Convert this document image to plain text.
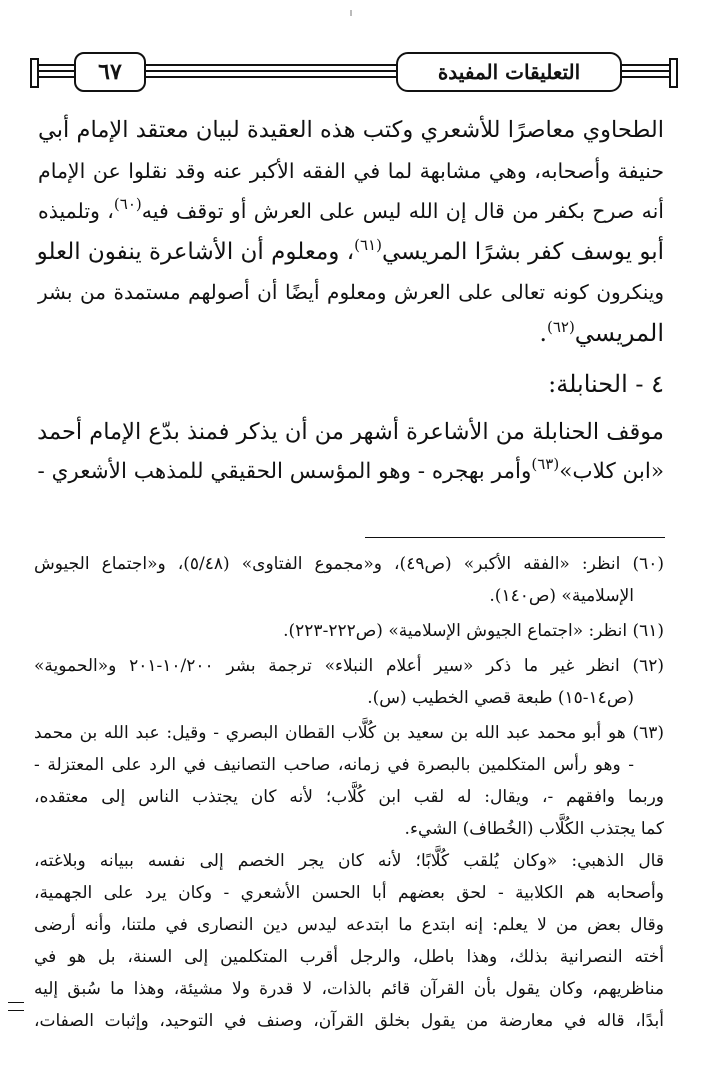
٦٧	التعليقات المفيدة
الطحاوي معاصرًا للأشعري وكتب هذه العقيدة لبيان معتقد الإمام أبي
حنيفة وأصحابه، وهي مشابهة لما في الفقه الأكبر عنه وقد نقلوا عن الإمام
أنه صرح بكفر من قال إن الله ليس على العرش أو توقف فيه$^{(٦٠)}$، وتلميذه
أبو يوسف كفر بشرًا المريسي$^{(٦١)}$، ومعلوم أن الأشاعرة ينفون العلو
وينكرون كونه تعالى على العرش ومعلوم أيضًا أن أصولهم مستمدة من بشر
المريسي$^{(٦٢)}$.
٤ - الحنابلة:
موقف الحنابلة من الأشاعرة أشهر من أن يذكر فمنذ بدّع الإمام أحمد
«ابن كلاب»$^{(٦٣)}$وأمر بهجره - وهو المؤسس الحقيقي للمذهب الأشعري -
(٦٠) انظر: «الفقه الأكبر» (ص٤٩)، و«مجموع الفتاوى» (٥/٤٨)، و«اجتماع الجيوش
الإسلامية» (ص١٤٠).
(٦١) انظر: «اجتماع الجيوش الإسلامية» (ص٢٢٢-٢٢٣).
(٦٢) انظر غير ما ذكر «سير أعلام النبلاء» ترجمة بشر ١٠/٢٠٠-٢٠١ و«الحموية»
(ص١٤-١٥) طبعة قصي الخطيب (س).
(٦٣) هو أبو محمد عبد الله بن سعيد بن كُلَّاب القطان البصري - وقيل: عبد الله بن محمد
- وهو رأس المتكلمين بالبصرة في زمانه، صاحب التصانيف في الرد على المعتزلة -
وربما وافقهم -، ويقال: له لقب ابن كُلَّاب؛ لأنه كان يجتذب الناس إلى معتقده،
كما يجتذب الكُلَّاب (الخُطاف) الشيء.
قال الذهبي: «وكان يُلقب كُلَّابًا؛ لأنه كان يجر الخصم إلى نفسه ببيانه وبلاغته،
وأصحابه هم الكلابية - لحق بعضهم أبا الحسن الأشعري - وكان يرد على الجهمية،
وقال بعض من لا يعلم: إنه ابتدع ما ابتدعه ليدس دين النصارى في ملتنا، وأنه أرضى
أخته النصرانية بذلك، وهذا باطل، والرجل أقرب المتكلمين إلى السنة، بل هو في
مناظريهم، وكان يقول بأن القرآن قائم بالذات، لا قدرة ولا مشيئة، وهذا ما سُبق إليه
أبدًا، قاله في معارضة من يقول بخلق القرآن، وصنف في التوحيد، وإثبات الصفات،
